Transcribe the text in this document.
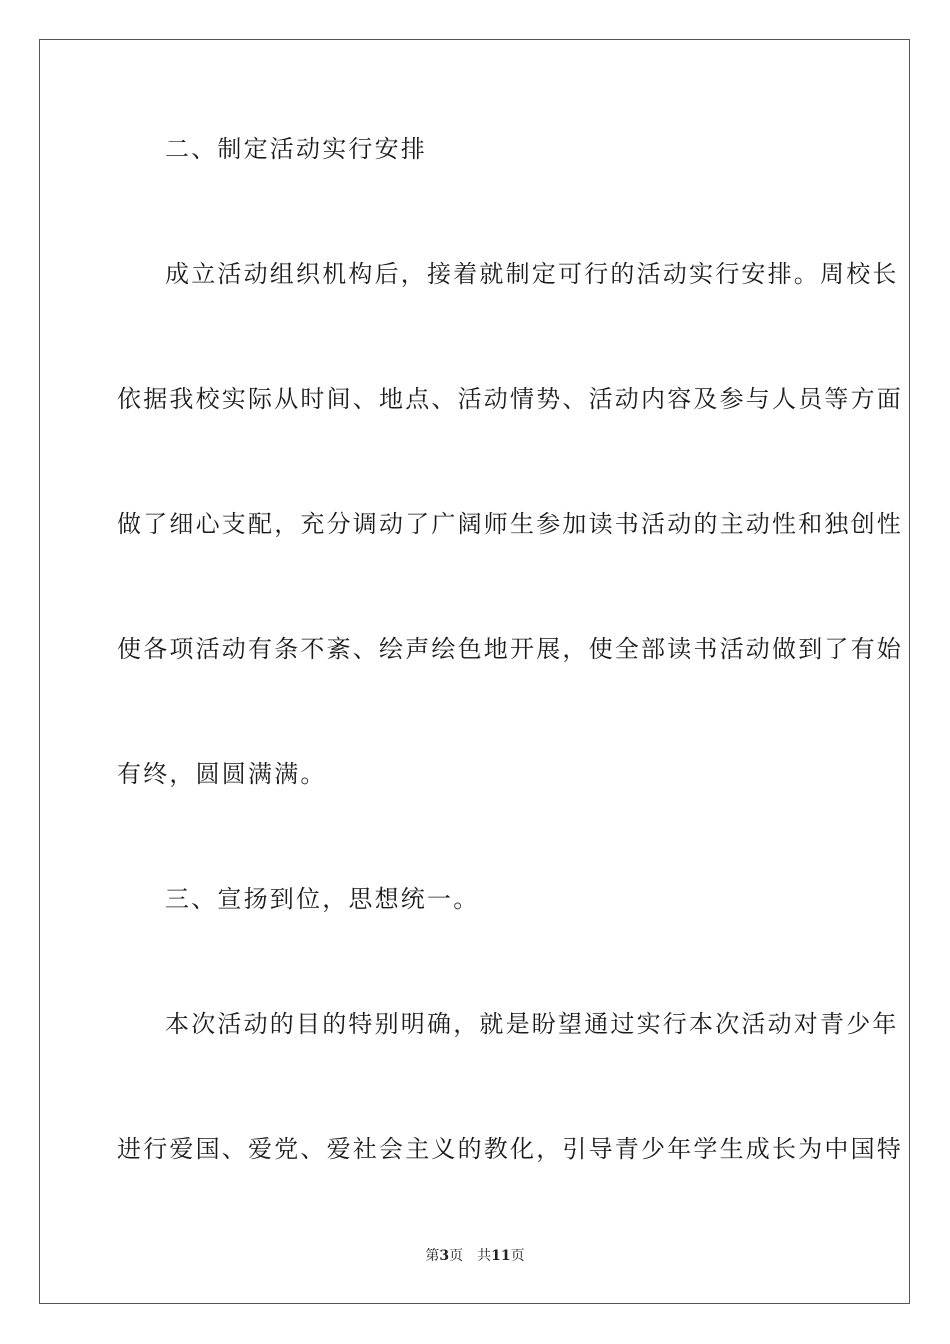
二、制定活动实行安排
成立活动组织机构后，接着就制定可行的活动实行安排。周校长
依据我校实际从时间、地点、活动情势、活动内容及参与人员等方面
做了细心支配，充分调动了广阔师生参加读书活动的主动性和独创性
使各项活动有条不紊、绘声绘色地开展，使全部读书活动做到了有始
有终，圆圆满满。
三、宣扬到位，思想统一。
本次活动的目的特别明确，就是盼望通过实行本次活动对青少年
进行爱国、爱党、爱社会主义的教化，引导青少年学生成长为中国特
第3页 共11页
